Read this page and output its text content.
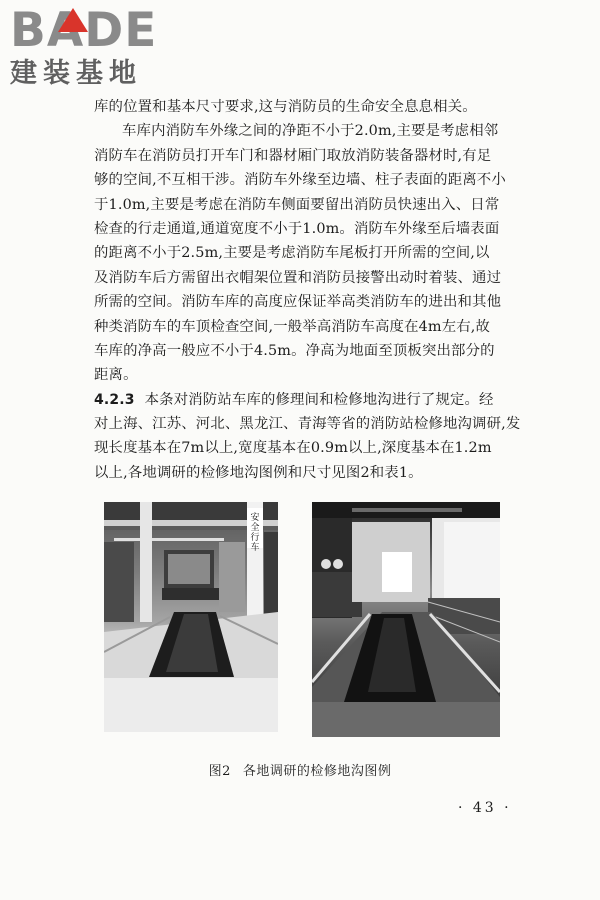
BADE
建装基地
库的位置和基本尺寸要求,这与消防员的生命安全息息相关。
车库内消防车外缘之间的净距不小于2.0m,主要是考虑相邻
消防车在消防员打开车门和器材厢门取放消防装备器材时,有足
够的空间,不互相干涉。消防车外缘至边墙、柱子表面的距离不小
于1.0m,主要是考虑在消防车侧面要留出消防员快速出入、日常
检查的行走通道,通道宽度不小于1.0m。消防车外缘至后墙表面
的距离不小于2.5m,主要是考虑消防车尾板打开所需的空间,以
及消防车后方需留出衣帽架位置和消防员接警出动时着装、通过
所需的空间。消防车库的高度应保证举高类消防车的进出和其他
种类消防车的车顶检查空间,一般举高消防车高度在4m左右,故
车库的净高一般应不小于4.5m。净高为地面至顶板突出部分的
距离。
4.2.3 本条对消防站车库的修理间和检修地沟进行了规定。经
对上海、江苏、河北、黑龙江、青海等省的消防站检修地沟调研,发
现长度基本在7m以上,宽度基本在0.9m以上,深度基本在1.2m
以上,各地调研的检修地沟图例和尺寸见图2和表1。
安
全
行
车
图2 各地调研的检修地沟图例
· 43 ·
